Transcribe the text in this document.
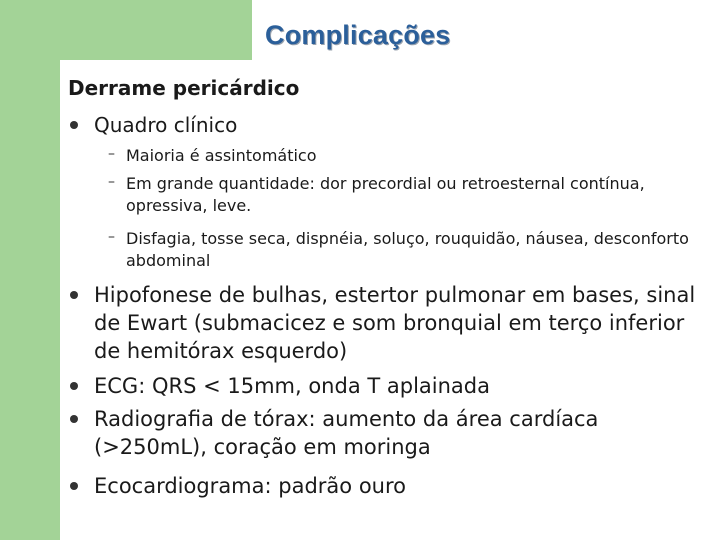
Complicações
Derrame pericárdico
Quadro clínico
– Maioria é assintomático
– Em grande quantidade: dor precordial ou retroesternal contínua, opressiva, leve.
– Disfagia, tosse seca, dispnéia, soluço, rouquidão, náusea, desconforto abdominal
Hipofonese de bulhas, estertor pulmonar em bases, sinal de Ewart (submacicez e som bronquial em terço inferior de hemitórax esquerdo)
ECG: QRS < 15mm, onda T aplainada
Radiografia de tórax: aumento da área cardíaca (>250mL), coração em moringa
Ecocardiograma: padrão ouro
